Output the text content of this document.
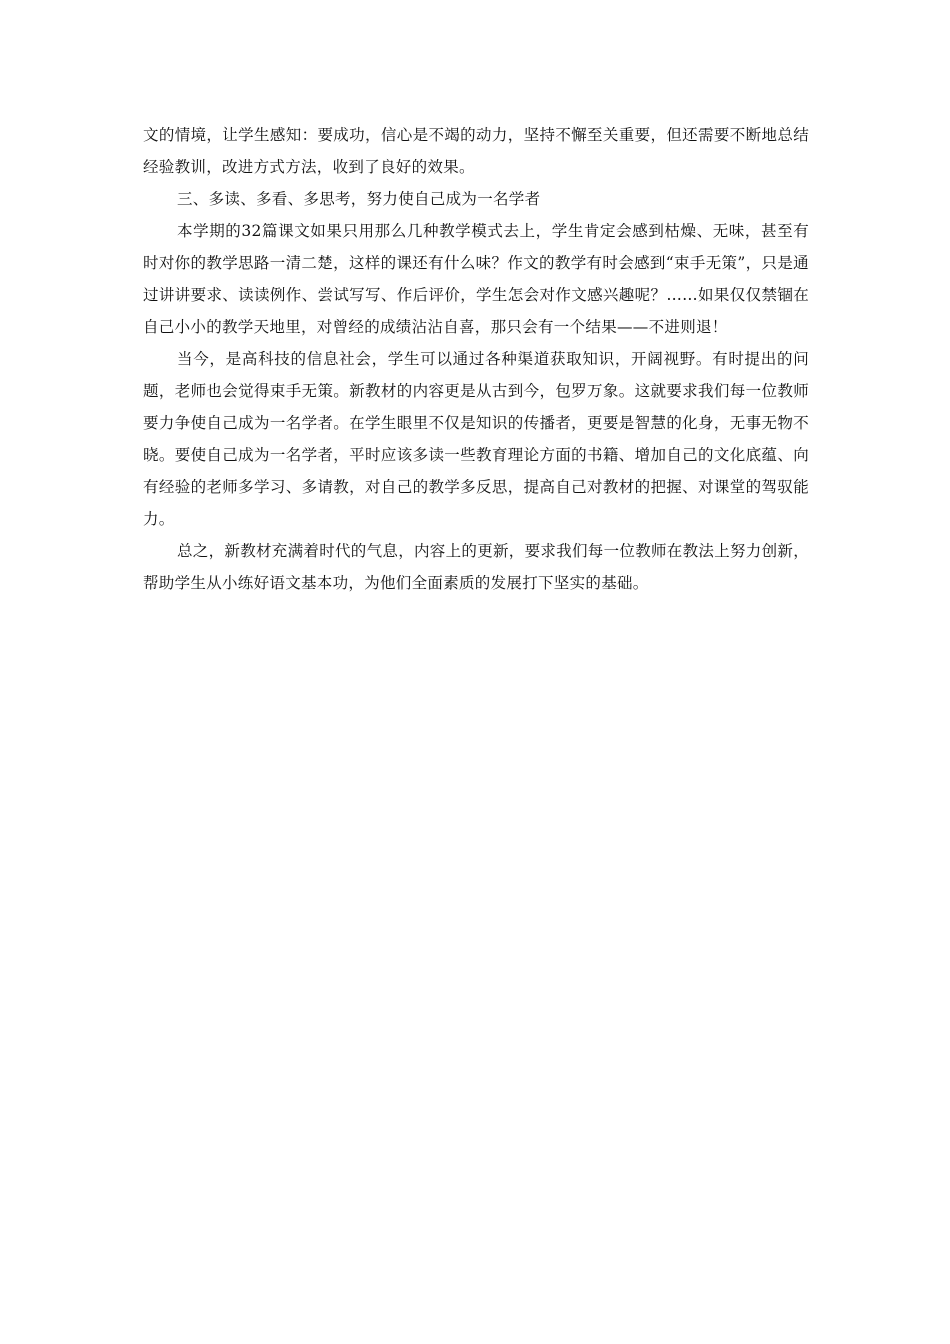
文的情境，让学生感知：要成功，信心是不竭的动力，坚持不懈至关重要，但还需要不断地总结经验教训，改进方式方法，收到了良好的效果。

三、多读、多看、多思考，努力使自己成为一名学者

本学期的32篇课文如果只用那么几种教学模式去上，学生肯定会感到枯燥、无味，甚至有时对你的教学思路一清二楚，这样的课还有什么味？作文的教学有时会感到“束手无策”，只是通过讲讲要求、读读例作、尝试写写、作后评价，学生怎会对作文感兴趣呢？……如果仅仅禁锢在自己小小的教学天地里，对曾经的成绩沾沾自喜，那只会有一个结果——不进则退！

当今，是高科技的信息社会，学生可以通过各种渠道获取知识，开阔视野。有时提出的问题，老师也会觉得束手无策。新教材的内容更是从古到今，包罗万象。这就要求我们每一位教师要力争使自己成为一名学者。在学生眼里不仅是知识的传播者，更要是智慧的化身，无事无物不晓。要使自己成为一名学者，平时应该多读一些教育理论方面的书籍、增加自己的文化底蕴、向有经验的老师多学习、多请教，对自己的教学多反思，提高自己对教材的把握、对课堂的驾驭能力。

总之，新教材充满着时代的气息，内容上的更新，要求我们每一位教师在教法上努力创新，帮助学生从小练好语文基本功，为他们全面素质的发展打下坚实的基础。
